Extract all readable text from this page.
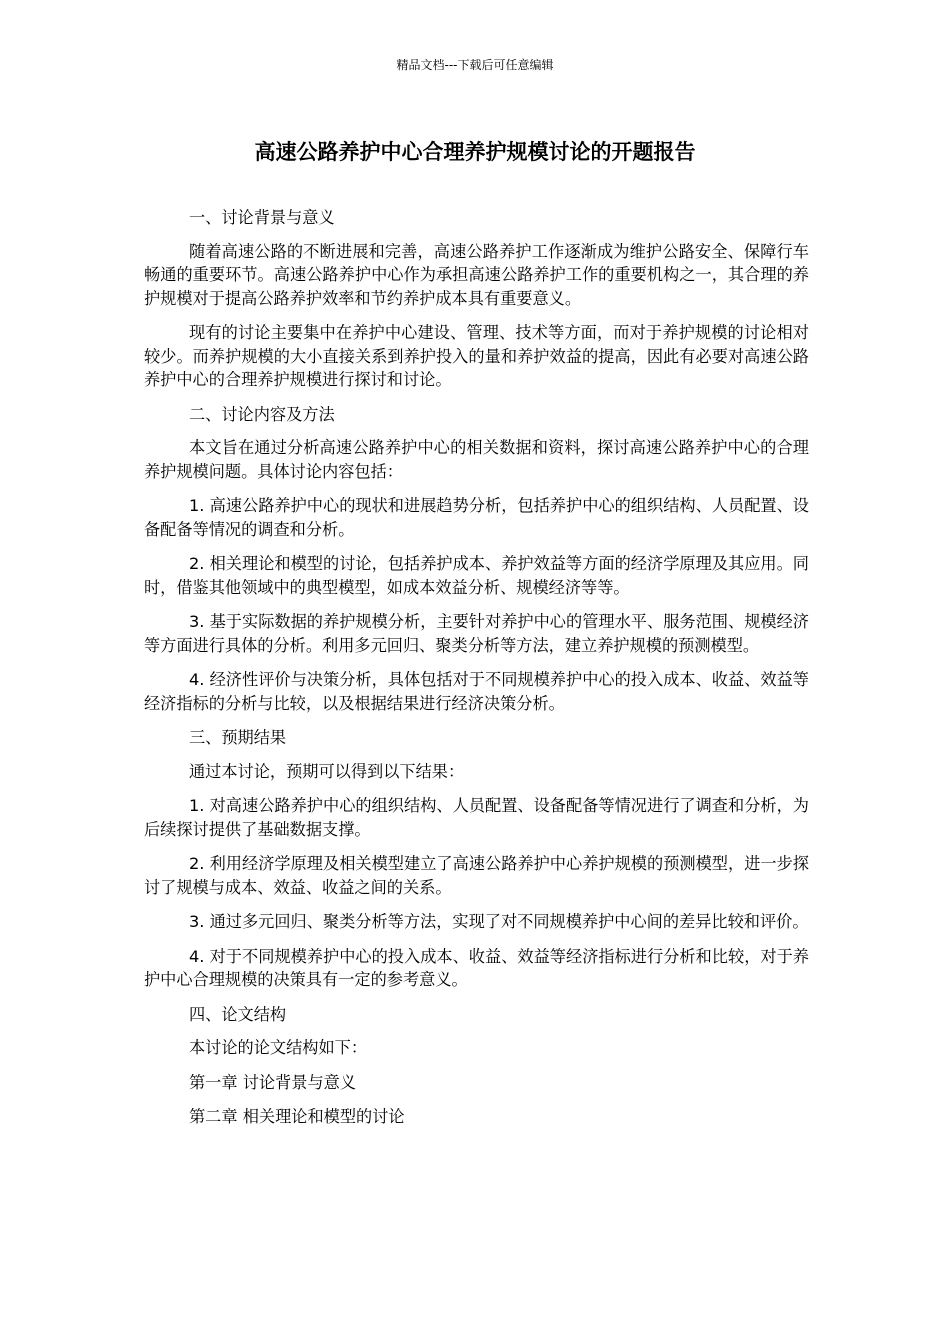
精品文档---下载后可任意编辑
高速公路养护中心合理养护规模讨论的开题报告

一、讨论背景与意义

随着高速公路的不断进展和完善，高速公路养护工作逐渐成为维护公路安全、保障行车畅通的重要环节。高速公路养护中心作为承担高速公路养护工作的重要机构之一，其合理的养护规模对于提高公路养护效率和节约养护成本具有重要意义。

现有的讨论主要集中在养护中心建设、管理、技术等方面，而对于养护规模的讨论相对较少。而养护规模的大小直接关系到养护投入的量和养护效益的提高，因此有必要对高速公路养护中心的合理养护规模进行探讨和讨论。

二、讨论内容及方法

本文旨在通过分析高速公路养护中心的相关数据和资料，探讨高速公路养护中心的合理养护规模问题。具体讨论内容包括：

1. 高速公路养护中心的现状和进展趋势分析，包括养护中心的组织结构、人员配置、设备配备等情况的调查和分析。

2. 相关理论和模型的讨论，包括养护成本、养护效益等方面的经济学原理及其应用。同时，借鉴其他领域中的典型模型，如成本效益分析、规模经济等等。

3. 基于实际数据的养护规模分析，主要针对养护中心的管理水平、服务范围、规模经济等方面进行具体的分析。利用多元回归、聚类分析等方法，建立养护规模的预测模型。

4. 经济性评价与决策分析，具体包括对于不同规模养护中心的投入成本、收益、效益等经济指标的分析与比较，以及根据结果进行经济决策分析。

三、预期结果

通过本讨论，预期可以得到以下结果：

1. 对高速公路养护中心的组织结构、人员配置、设备配备等情况进行了调查和分析，为后续探讨提供了基础数据支撑。

2. 利用经济学原理及相关模型建立了高速公路养护中心养护规模的预测模型，进一步探讨了规模与成本、效益、收益之间的关系。

3. 通过多元回归、聚类分析等方法，实现了对不同规模养护中心间的差异比较和评价。

4. 对于不同规模养护中心的投入成本、收益、效益等经济指标进行分析和比较，对于养护中心合理规模的决策具有一定的参考意义。

四、论文结构

本讨论的论文结构如下：

第一章 讨论背景与意义

第二章 相关理论和模型的讨论
